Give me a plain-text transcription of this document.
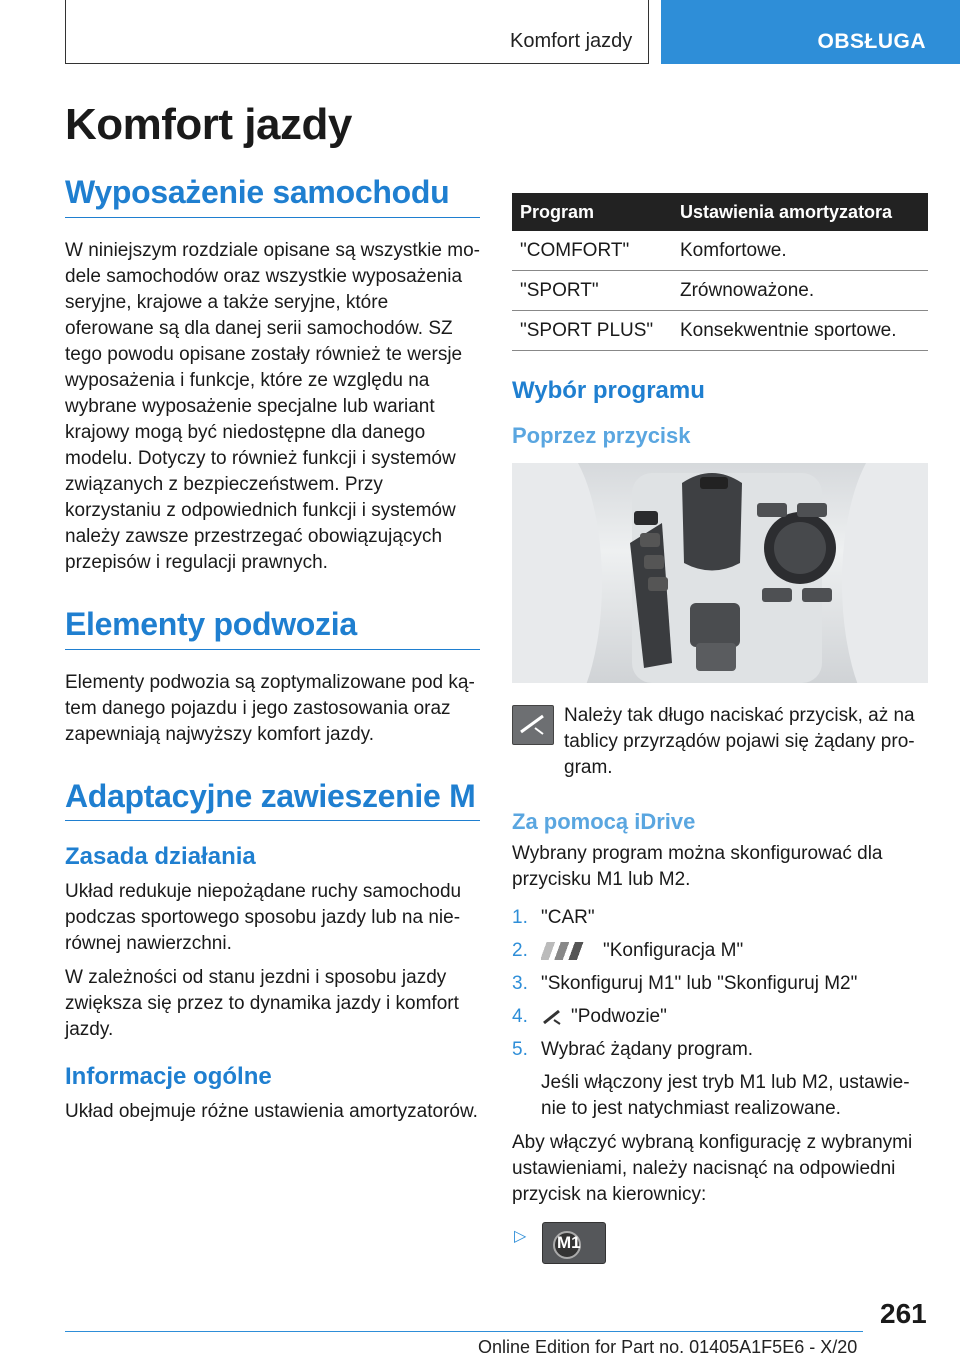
Komfort jazdy	OBSŁUGA
Komfort jazdy
Wyposażenie samochodu

W niniejszym rozdziale opisane są wszystkie modele samochodów oraz wszystkie wyposażenia seryjne, krajowe a także seryjne, które oferowane są dla danej serii samochodów. SZ tego powodu opisane zostały również te wersje wyposażenia i funkcje, które ze względu na wybrane wyposażenie specjalne lub wariant krajowy mogą być niedostępne dla danego modelu. Dotyczy to również funkcji i systemów związanych z bezpieczeństwem. Przy korzystaniu z odpowiednich funkcji i systemów należy zawsze przestrzegać obowiązujących przepisów i regulacji prawnych.

Elementy podwozia

Elementy podwozia są zoptymalizowane pod kątem danego pojazdu i jego zastosowania oraz zapewniają najwyższy komfort jazdy.

Adaptacyjne zawieszenie M
Zasada działania

Układ redukuje niepożądane ruchy samochodu podczas sportowego sposobu jazdy lub na nierównej nawierzchni.

W zależności od stanu jezdni i sposobu jazdy zwiększa się przez to dynamika jazdy i komfort jazdy.

Informacje ogólne

Układ obejmuje różne ustawienia amortyzatorów.

Program	Ustawienia amortyzatora
"COMFORT"	Komfortowe.
"SPORT"	Zrównoważone.
"SPORT PLUS"	Konsekwentnie sportowe.
Wybór programu
Poprzez przycisk
Należy tak długo naciskać przycisk, aż na tablicy przyrządów pojawi się żądany program.
Za pomocą iDrive

Wybrany program można skonfigurować dla przycisku M1 lub M2.

1. "CAR"
2.	"Konfiguracja M"
3. "Skonfiguruj M1" lub "Skonfiguruj M2"
4. "Podwozie"
5. Wybrać żądany program.

Jeśli włączony jest tryb M1 lub M2, ustawienie to jest natychmiast realizowane.

Aby włączyć wybraną konfigurację z wybranymi ustawieniami, należy nacisnąć na odpowiedni przycisk na kierownicy:

▷ M1
261
Online Edition for Part no. 01405A1F5E6 - X/20
